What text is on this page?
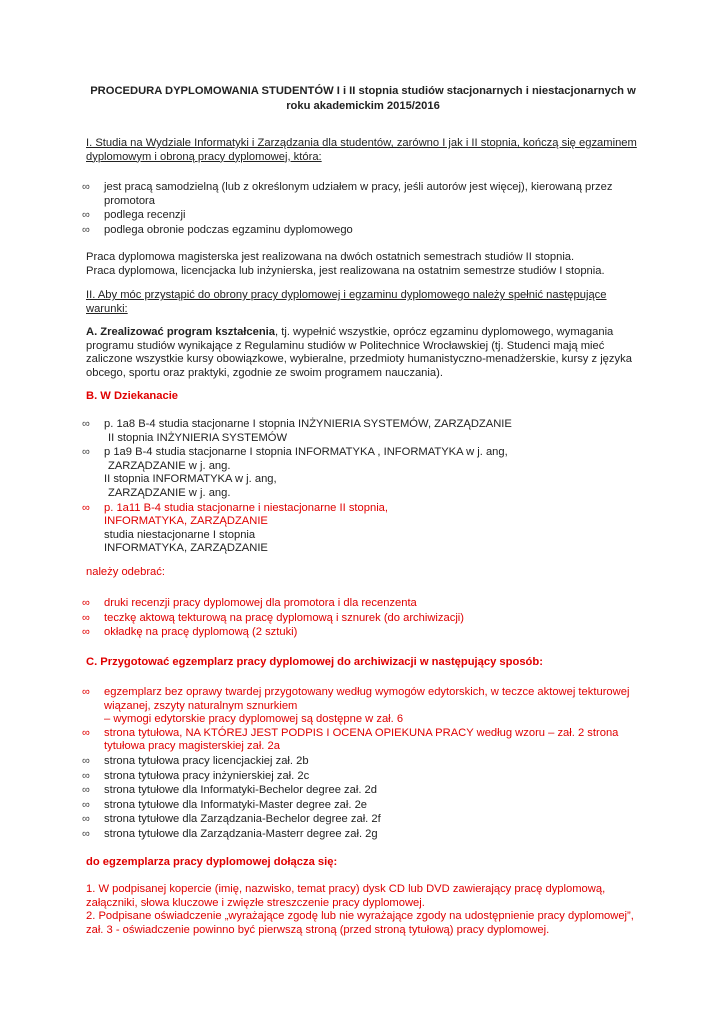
PROCEDURA DYPLOMOWANIA STUDENTÓW I i II stopnia studiów stacjonarnych i niestacjonarnych w roku akademickim 2015/2016
I. Studia na Wydziale Informatyki i Zarządzania dla studentów, zarówno I jak i II stopnia, kończą się egzaminem dyplomowym i obroną pracy dyplomowej, która:
∞ jest pracą samodzielną (lub z określonym udziałem w pracy, jeśli autorów jest więcej), kierowaną przez promotora
∞ podlega recenzji
∞ podlega obronie podczas egzaminu dyplomowego

Praca dyplomowa magisterska jest realizowana na dwóch ostatnich semestrach studiów II stopnia.

Praca dyplomowa, licencjacka lub inżynierska, jest realizowana na ostatnim semestrze studiów I stopnia.

II. Aby móc przystąpić do obrony pracy dyplomowej i egzaminu dyplomowego należy spełnić następujące warunki:
A. Zrealizować program kształcenia, tj. wypełnić wszystkie, oprócz egzaminu dyplomowego, wymagania programu studiów wynikające z Regulaminu studiów w Politechnice Wrocławskiej (tj. Studenci mają mieć zaliczone wszystkie kursy obowiązkowe, wybieralne, przedmioty humanistyczno-menadżerskie, kursy z języka obcego, sportu oraz praktyki, zgodnie ze swoim programem nauczania).
B. W Dziekanacie
∞ p. 1a8 B-4 studia stacjonarne I stopnia INŻYNIERIA SYSTEMÓW, ZARZĄDZANIE
II stopnia INŻYNIERIA SYSTEMÓW
∞ p 1a9 B-4 studia stacjonarne I stopnia INFORMATYKA , INFORMATYKA w j. ang,
ZARZĄDZANIE w j. ang.
II stopnia INFORMATYKA w j. ang,
ZARZĄDZANIE w j. ang.
∞ p. 1a11 B-4 studia stacjonarne i niestacjonarne II stopnia,
INFORMATYKA, ZARZĄDZANIE
studia niestacjonarne I stopnia
INFORMATYKA, ZARZĄDZANIE
należy odebrać:
∞ druki recenzji pracy dyplomowej dla promotora i dla recenzenta
∞ teczkę aktową tekturową na pracę dyplomową i sznurek (do archiwizacji)
∞ okładkę na pracę dyplomową (2 sztuki)
C. Przygotować egzemplarz pracy dyplomowej do archiwizacji w następujący sposób:
∞ egzemplarz bez oprawy twardej przygotowany według wymogów edytorskich, w teczce aktowej tekturowej wiązanej, zszyty naturalnym sznurkiem
– wymogi edytorskie pracy dyplomowej są dostępne w zał. 6
∞ strona tytułowa, NA KTÓREJ JEST PODPIS I OCENA OPIEKUNA PRACY według wzoru – zał. 2 strona tytułowa pracy magisterskiej zał. 2a
∞ strona tytułowa pracy licencjackiej zał. 2b
∞ strona tytułowa pracy inżynierskiej zał. 2c
∞ strona tytułowe dla Informatyki-Bechelor degree zał. 2d
∞ strona tytułowe dla Informatyki-Master degree zał. 2e
∞ strona tytułowe dla Zarządzania-Bechelor degree zał. 2f
∞ strona tytułowe dla Zarządzania-Masterr degree zał. 2g
do egzemplarza pracy dyplomowej dołącza się:

1. W podpisanej kopercie (imię, nazwisko, temat pracy) dysk CD lub DVD zawierający pracę dyplomową, załączniki, słowa kluczowe i zwięzłe streszczenie pracy dyplomowej.

2. Podpisane oświadczenie „wyrażające zgodę lub nie wyrażające zgody na udostępnienie pracy dyplomowej”, zał. 3 - oświadczenie powinno być pierwszą stroną (przed stroną tytułową) pracy dyplomowej.
